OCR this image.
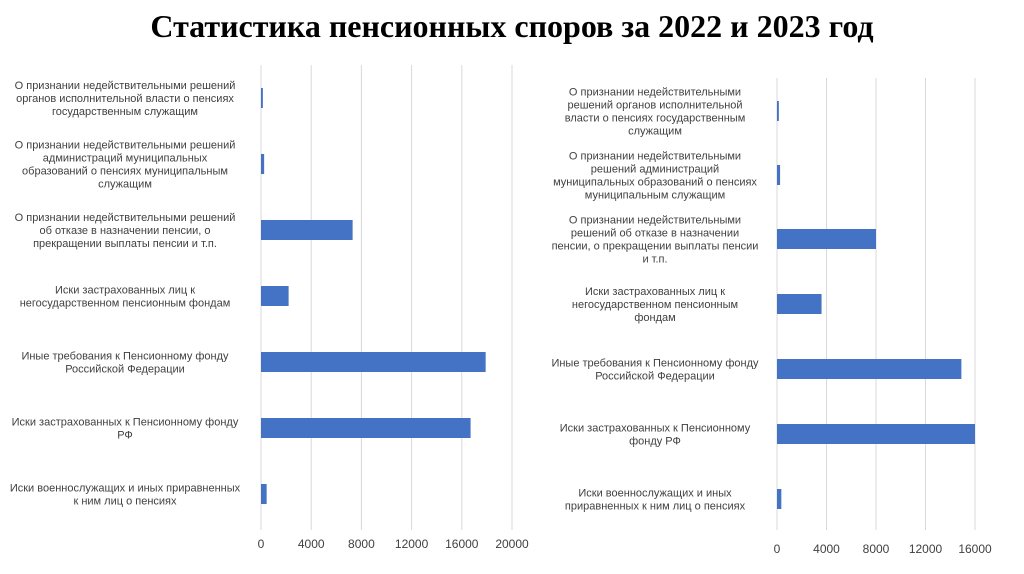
Статистика пенсионных споров за 2022 и 2023 год
0	4000 8000 12000 16000 20000
О признании недействительными решений органов исполнительной власти о пенсиях государственным служащим
О признании недействительными решений администраций муниципальных образований о пенсиях муниципальным служащим
О признании недействительными решений об отказе в назначении пенсии, о прекращении выплаты пенсии и т.п.
Иски застрахованных лиц к негосударственном пенсионным фондам
Иные требования к Пенсионному фонду Российской Федерации
Иски застрахованных к Пенсионному фонду РФ
Иски военнослужащих и иных приравненных к ним лиц о пенсиях
0	4000 8000 12000 16000
О признании недействительными решений органов исполнительной власти о пенсиях государственным служащим
О признании недействительными решений администраций муниципальных образований о пенсиях муниципальным служащим
О признании недействительными решений об отказе в назначении пенсии, о прекращении выплаты пенсии и т.п.
Иски застрахованных лиц к негосударственном пенсионным фондам
Иные требования к Пенсионному фонду Российской Федерации
Иски застрахованных к Пенсионному фонду РФ
Иски военнослужащих и иных приравненных к ним лиц о пенсиях
